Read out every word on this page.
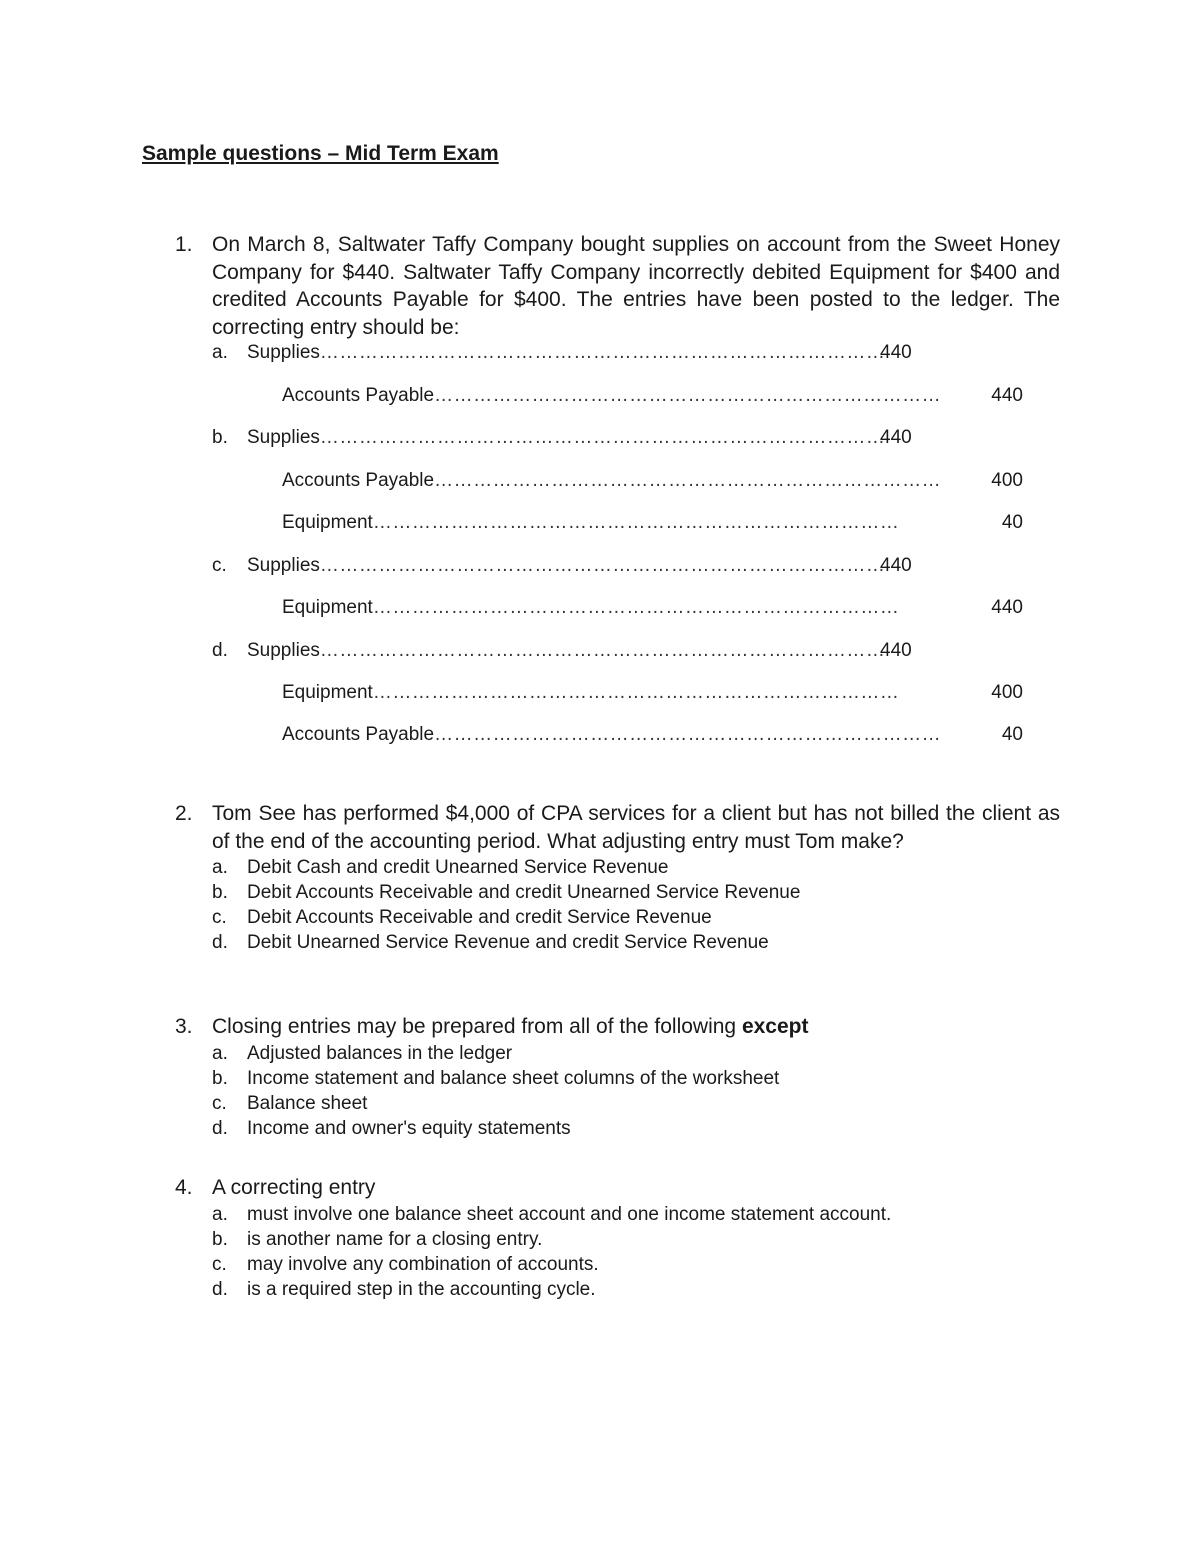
Sample questions – Mid Term Exam
1. On March 8, Saltwater Taffy Company bought supplies on account from the Sweet Honey Company for $440. Saltwater Taffy Company incorrectly debited Equipment for $400 and credited Accounts Payable for $400. The entries have been posted to the ledger. The correcting entry should be:
a.	Supplies……………………………………………………………………………
440
Accounts Payable……………………………………………………………………	440
b.	Supplies……………………………………………………………………………
440
Accounts Payable……………………………………………………………………	400
Equipment………………………………………………………………………	40
c.	Supplies……………………………………………………………………………
440
Equipment………………………………………………………………………	440
d.	Supplies……………………………………………………………………………
440
Equipment………………………………………………………………………	400
Accounts Payable……………………………………………………………………	40
2. Tom See has performed $4,000 of CPA services for a client but has not billed the client as of the end of the accounting period. What adjusting entry must Tom make?
a.	Debit Cash and credit Unearned Service Revenue
b.	Debit Accounts Receivable and credit Unearned Service Revenue
c.	Debit Accounts Receivable and credit Service Revenue
d.	Debit Unearned Service Revenue and credit Service Revenue
3. Closing entries may be prepared from all of the following except
a.	Adjusted balances in the ledger
b.	Income statement and balance sheet columns of the worksheet
c.	Balance sheet
d.	Income and owner's equity statements
4. A correcting entry
a.	must involve one balance sheet account and one income statement account.
b.	is another name for a closing entry.
c.	may involve any combination of accounts.
d.	is a required step in the accounting cycle.
